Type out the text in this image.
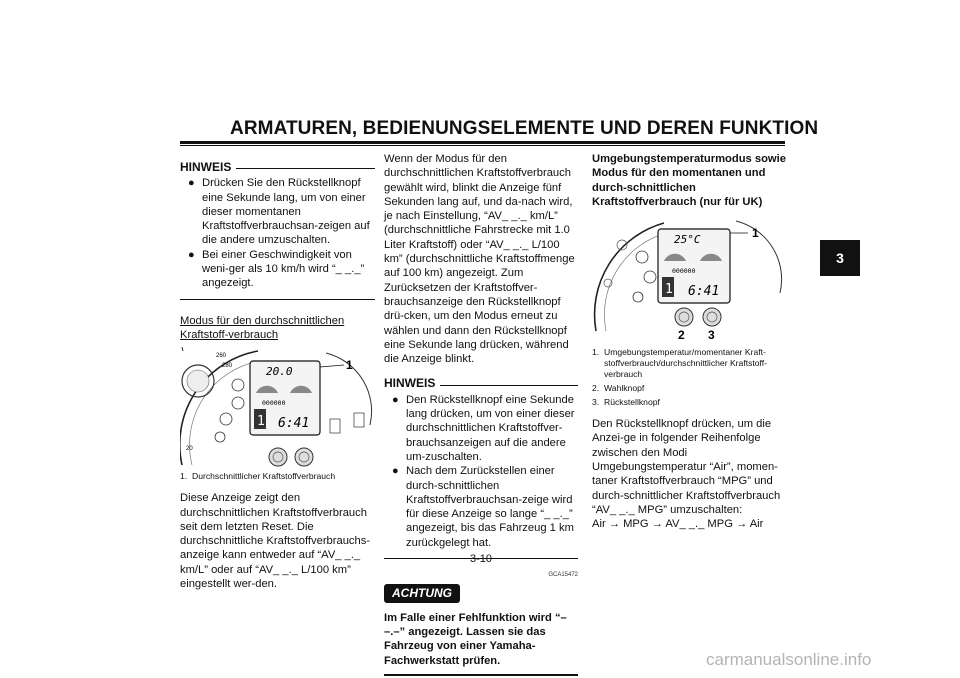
ARMATUREN, BEDIENUNGSELEMENTE UND DEREN FUNKTION
3
HINWEIS
● Drücken Sie den Rückstellknopf eine Sekunde lang, um von einer dieser momentanen Kraftstoffverbrauchsan-zeigen auf die andere umzuschalten.
● Bei einer Geschwindigkeit von weni-ger als 10 km/h wird “_ _._” angezeigt.
Modus für den durchschnittlichen Kraftstoff-verbrauch
260
280
20
20.0
000000
1 6:41
1
1. Durchschnittlicher Kraftstoffverbrauch
Diese Anzeige zeigt den durchschnittlichen Kraftstoffverbrauch seit dem letzten Reset. Die durchschnittliche Kraftstoffverbrauchs-anzeige kann entweder auf “AV_ _._ km/L” oder auf “AV_ _._ L/100 km” eingestellt wer-den.
Wenn der Modus für den durchschnittlichen Kraftstoffverbrauch gewählt wird, blinkt die Anzeige fünf Sekunden lang auf, und da-nach wird, je nach Einstellung, “AV_ _._ km/L” (durchschnittliche Fahrstrecke mit 1.0 Liter Kraftstoff) oder “AV_ _._ L/100 km” (durchschnittliche Kraftstoffmenge auf 100 km) angezeigt. Zum Zurücksetzen der Kraftstoffver-brauchsanzeige den Rückstellknopf drü-cken, um den Modus erneut zu wählen und dann den Rückstellknopf eine Sekunde lang drücken, während die Anzeige blinkt.
HINWEIS
● Den Rückstellknopf eine Sekunde lang drücken, um von einer dieser durchschnittlichen Kraftstoffver-brauchsanzeigen auf die andere um-zuschalten.
● Nach dem Zurückstellen einer durch-schnittlichen Kraftstoffverbrauchsan-zeige wird für diese Anzeige so lange “_ _._” angezeigt, bis das Fahrzeug 1 km zurückgelegt hat.
GCA15472
ACHTUNG
Im Falle einer Fehlfunktion wird “– –.–” angezeigt. Lassen sie das Fahrzeug von einer Yamaha-Fachwerkstatt prüfen.
Umgebungstemperaturmodus sowie Modus für den momentanen und durch-schnittlichen Kraftstoffverbrauch (nur für UK)
25°C
000000
1 6:41
1
2 3
1. Umgebungstemperatur/momentaner Kraft-stoffverbrauch/durchschnittlicher Kraftstoff-verbrauch
2. Wahlknopf
3. Rückstellknopf
Den Rückstellknopf drücken, um die Anzei-ge in folgender Reihenfolge zwischen den Modi Umgebungstemperatur “Air”, momen-taner Kraftstoffverbrauch “MPG” und durch-schnittlicher Kraftstoffverbrauch “AV_ _._ MPG” umzuschalten:
Air → MPG → AV_ _._ MPG → Air
3-10
carmanualsonline.info
